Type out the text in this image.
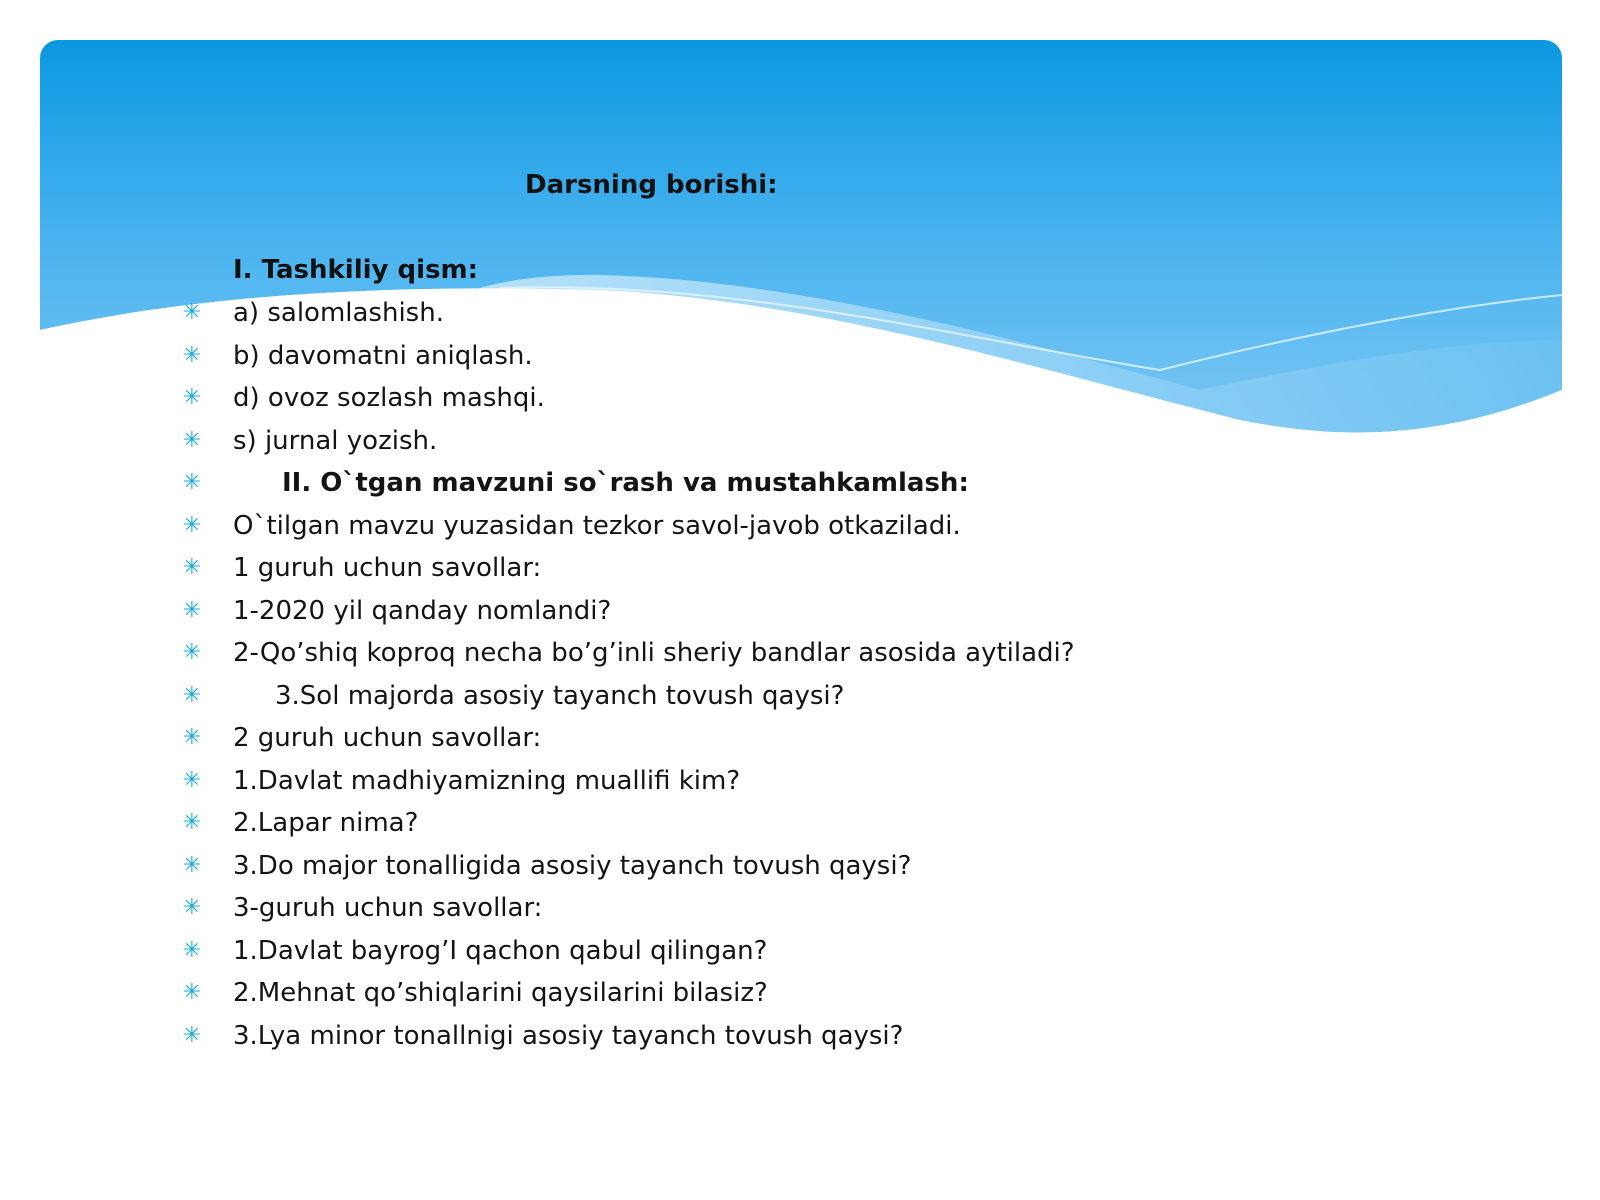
Darsning borishi:
I. Tashkiliy qism:
✳ a) salomlashish.
✳ b) davomatni aniqlash.
✳ d) ovoz sozlash mashqi.
✳ s) jurnal yozish.
✳	II. O`tgan mavzuni so`rash va mustahkamlash:
✳ O`tilgan mavzu yuzasidan tezkor savol-javob otkaziladi.
✳ 1 guruh uchun savollar:
✳ 1-2020 yil qanday nomlandi?
✳ 2-Qo’shiq koproq necha bo’g’inli sheriy bandlar asosida aytiladi?
✳	3.Sol majorda asosiy tayanch tovush qaysi?
✳ 2 guruh uchun savollar:
✳ 1.Davlat madhiyamizning muallifi kim?
✳ 2.Lapar nima?
✳ 3.Do major tonalligida asosiy tayanch tovush qaysi?
✳ 3-guruh uchun savollar:
✳ 1.Davlat bayrog’I qachon qabul qilingan?
✳ 2.Mehnat qo’shiqlarini qaysilarini bilasiz?
✳ 3.Lya minor tonallnigi asosiy tayanch tovush qaysi?
